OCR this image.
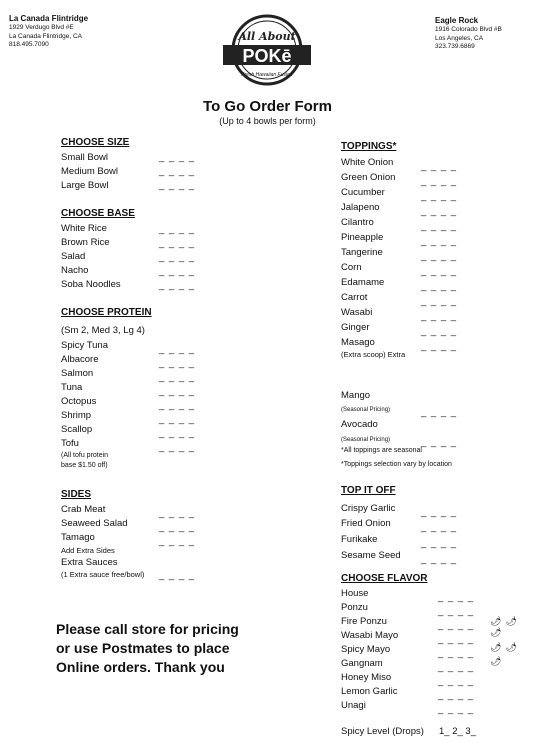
La Canada Flintridge
1929 Verdugo Blvd #E
La Canada Flintridge, CA
818.495.7090
Eagle Rock
1916 Colorado Blvd #B
Los Angeles, CA
323.739.6869
All About
POKē
Fresh Hawaiian Fusion
To Go Order Form
(Up to 4 bowls per form)
CHOOSE SIZE
Small Bowl
Medium Bowl
Large Bowl
_ _ _ _
_ _ _ _
_ _ _ _
CHOOSE BASE
White Rice
Brown Rice
Salad
Nacho
Soba Noodles
_ _ _ _
_ _ _ _
_ _ _ _
_ _ _ _
_ _ _ _
CHOOSE PROTEIN
(Sm 2, Med 3, Lg 4)
Spicy Tuna
Albacore
Salmon
Tuna
Octopus
Shrimp
Scallop
Tofu
(All tofu protein
base $1.50 off)
_ _ _ _
_ _ _ _
_ _ _ _
_ _ _ _
_ _ _ _
_ _ _ _
_ _ _ _
_ _ _ _
SIDES
Crab Meat
Seaweed Salad
Tamago
Add Extra Sides
Extra Sauces
(1 Extra sauce free/bowl)
_ _ _ _
_ _ _ _
_ _ _ _
_ _ _ _
TOPPINGS*
White Onion
Green Onion
Cucumber
Jalapeno
Cilantro
Pineapple
Tangerine
Corn
Edamame
Carrot
Wasabi
Ginger
Masago
(Extra scoop) Extra
_ _ _ _
_ _ _ _
_ _ _ _
_ _ _ _
_ _ _ _
_ _ _ _
_ _ _ _
_ _ _ _
_ _ _ _
_ _ _ _
_ _ _ _
_ _ _ _
_ _ _ _
Mango
(Seasonal Pricing)	_ _ _ _
Avocado
(Seasonal Pricing)	_ _ _ _
*All toppings are seasonal
*Toppings selection vary by location
TOP IT OFF
Crispy Garlic
Fried Onion
Furikake
Sesame Seed
_ _ _ _
_ _ _ _
_ _ _ _
_ _ _ _
CHOOSE FLAVOR
House
Ponzu
Fire Ponzu
Wasabi Mayo
Spicy Mayo
Gangnam
Honey Miso
Lemon Garlic
Unagi
_ _ _ _
_ _ _ _
_ _ _ _
_ _ _ _
_ _ _ _
_ _ _ _
_ _ _ _
_ _ _ _
_ _ _ _
🌶 🌶🌶
🌶 🌶
🌶
Spicy Level (Drops) 1_ 2_ 3_
Please call store for pricing
or use Postmates to place
Online orders. Thank you
